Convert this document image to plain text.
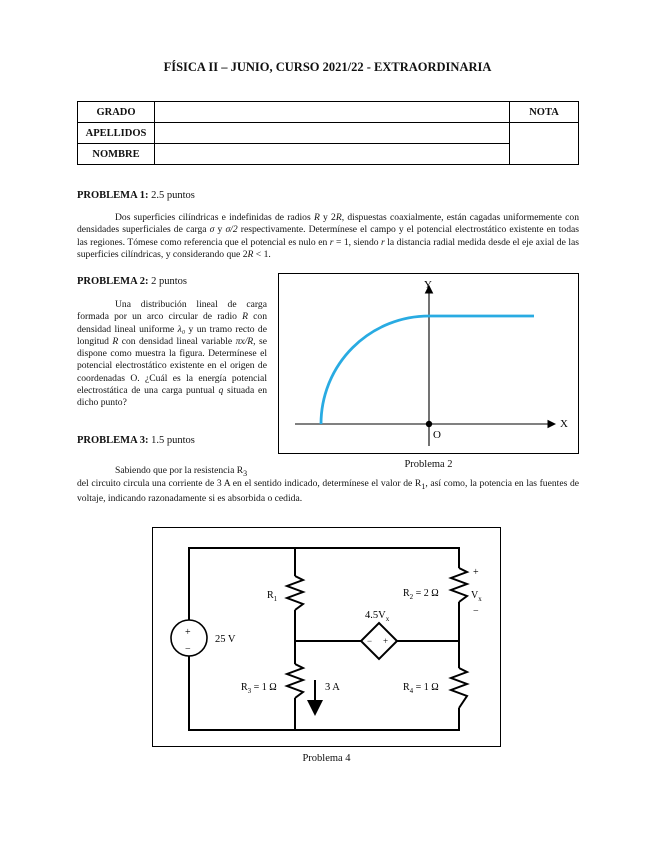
FÍSICA II – JUNIO, CURSO 2021/22 - EXTRAORDINARIA
GRADO		NOTA
APELLIDOS		
NOMBRE		
PROBLEMA 1: 2.5 puntos
Dos superficies cilíndricas e indefinidas de radios R y 2R, dispuestas coaxialmente, están cagadas uniformemente con densidades superficiales de carga σ y σ/2 respectivamente. Determínese el campo y el potencial electrostático existente en todas las regiones. Tómese como referencia que el potencial es nulo en r = 1, siendo r la distancia radial medida desde el eje axial de las superficies cilíndricas, y considerando que 2R < 1.
PROBLEMA 2: 2 puntos
Una distribución lineal de carga formada por un arco circular de radio R con densidad lineal uniforme λ₀ y un tramo recto de longitud R con densidad lineal variable πx/R, se dispone como muestra la figura. Determínese el potencial electrostático existente en el origen de coordenadas O. ¿Cuál es la energía potencial electrostática de una carga puntual q situada en dicho punto?
Y
X
O
Problema 2
PROBLEMA 3: 1.5 puntos
Sabiendo que por la resistencia $R_3$
del circuito circula una corriente de 3 A en el sentido indicado, determínese el valor de $R_1$, así como, la potencia en las fuentes de voltaje, indicando razonadamente si es absorbida o cedida.
+
−
25 V	− +
$4.5V_x$
$R_1$	$R_2 = 2$ Ω
$R_3 = 1$ Ω	$R_4 = 1$ Ω
+
$V_x$
−
3 A
Problema 4
